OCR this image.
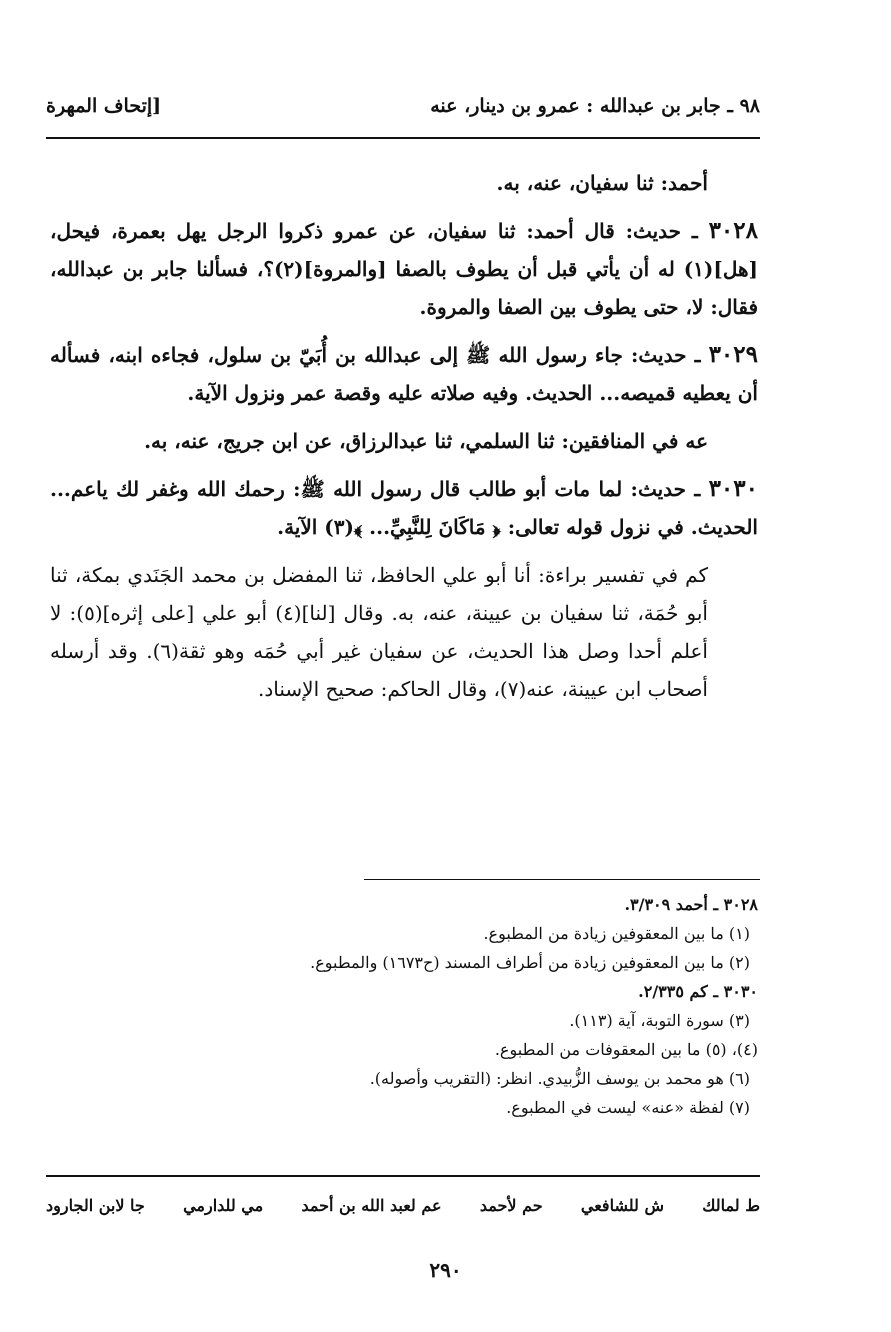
٩٨ ـ جابر بن عبدالله : عمرو بن دينار، عنه
[إتحاف المهرة

أحمد: ثنا سفيان، عنه، به.

٣٠٢٨ ـ حديث: قال أحمد: ثنا سفيان، عن عمرو ذكروا الرجل يهل بعمرة، فيحل، [هل](١) له أن يأتي قبل أن يطوف بالصفا [والمروة](٢)؟، فسألنا جابر بن عبدالله، فقال: لا، حتى يطوف بين الصفا والمروة.

٣٠٢٩ ـ حديث: جاء رسول الله ﷺ إلى عبدالله بن أُبَيّ بن سلول، فجاءه ابنه، فسأله أن يعطيه قميصه... الحديث. وفيه صلاته عليه وقصة عمر ونزول الآية.

عه في المنافقين: ثنا السلمي، ثنا عبدالرزاق، عن ابن جريج، عنه، به.

٣٠٣٠ ـ حديث: لما مات أبو طالب قال رسول الله ﷺ: رحمك الله وغفر لك ياعم... الحديث. في نزول قوله تعالى: ﴿ مَاكَانَ لِلنَّبِيِّ... ﴾(٣) الآية.

كم في تفسير براءة: أنا أبو علي الحافظ، ثنا المفضل بن محمد الجَنَدي بمكة، ثنا أبو حُمَة، ثنا سفيان بن عيينة، عنه، به. وقال [لنا](٤) أبو علي [على إثره](٥): لا أعلم أحدا وصل هذا الحديث، عن سفيان غير أبي حُمَه وهو ثقة(٦). وقد أرسله أصحاب ابن عيينة، عنه(٧)، وقال الحاكم: صحيح الإسناد.

٣٠٢٨ ـ أحمد ٣/٣٠٩.
(١) ما بين المعقوفين زيادة من المطبوع.
(٢) ما بين المعقوفين زيادة من أطراف المسند (ح١٦٧٣) والمطبوع.
٣٠٣٠ ـ كم ٢/٣٣٥.
(٣) سورة التوبة، آية (١١٣).
(٤)، (٥) ما بين المعقوفات من المطبوع.
(٦) هو محمد بن يوسف الزُّبيدي. انظر: (التقريب وأصوله).
(٧) لفظة «عنه» ليست في المطبوع.
ط لمالك
ش للشافعي
حم لأحمد
عم لعبد الله بن أحمد
مي للدارمي
جا لابن الجارود
٢٩٠
